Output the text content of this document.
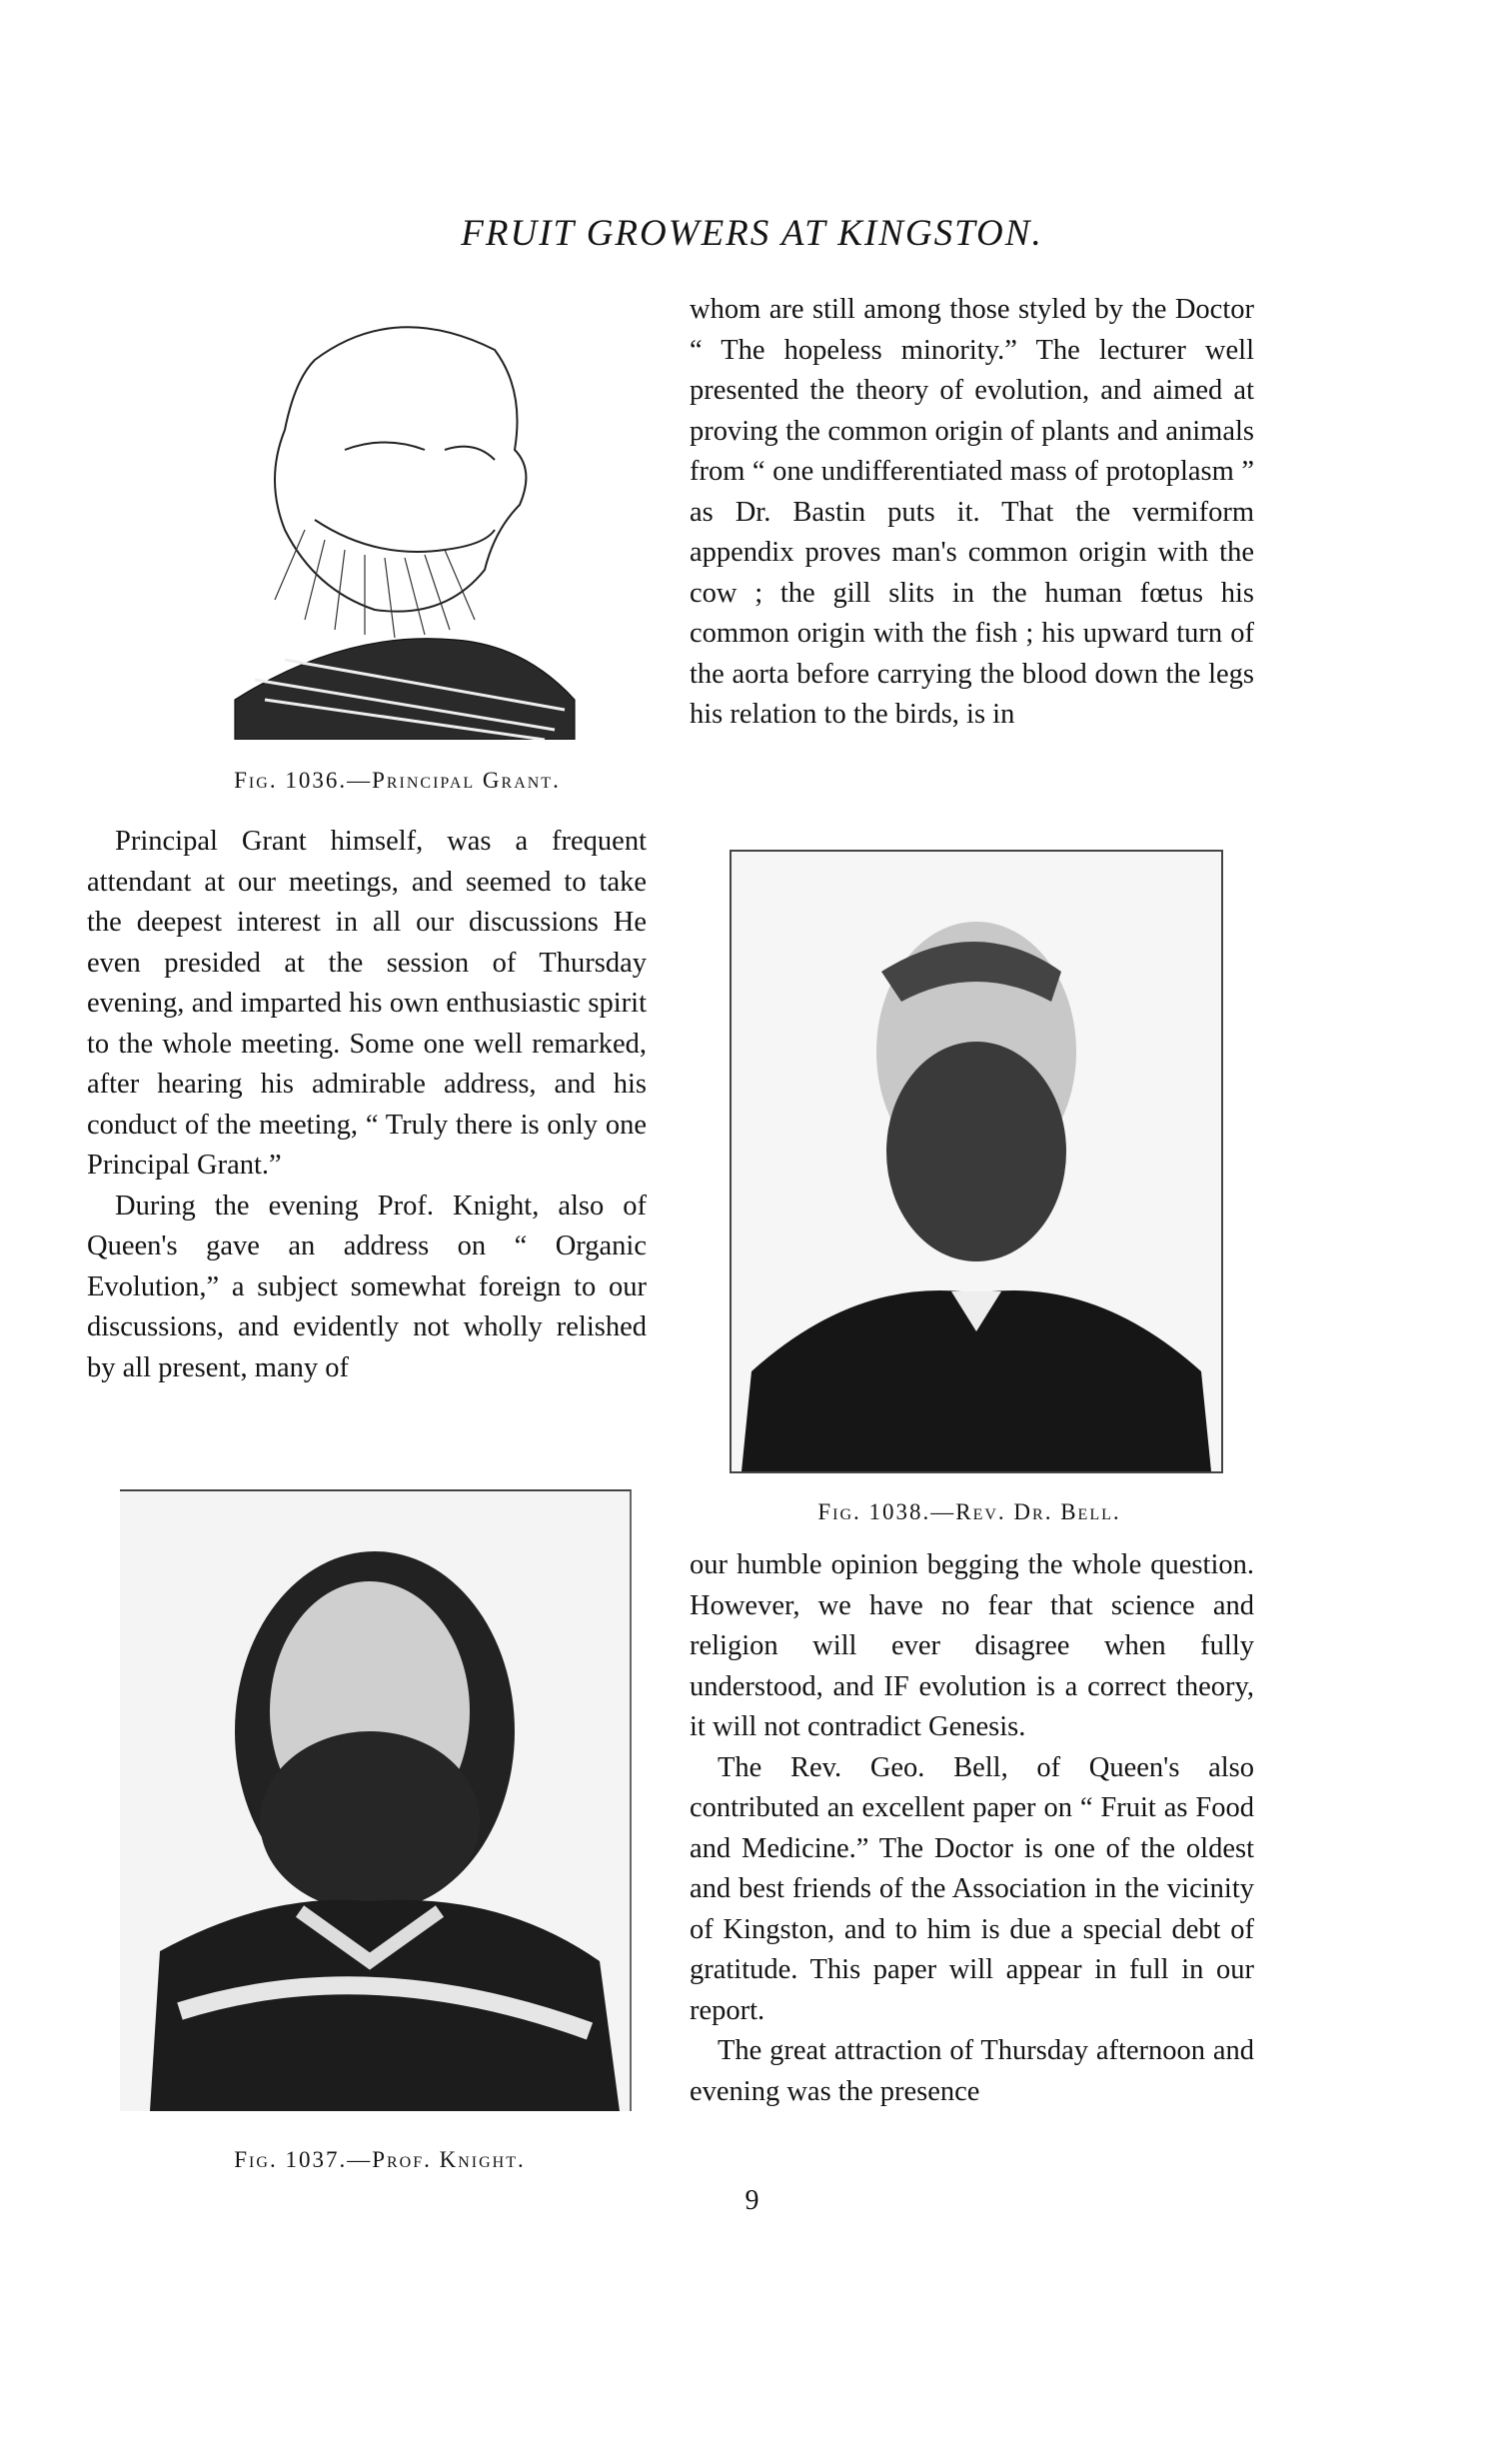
FRUIT GROWERS AT KINGSTON.
Fig. 1036.—Principal Grant.
Fig. 1037.—Prof. Knight.
Fig. 1038.—Rev. Dr. Bell.

Principal Grant himself, was a frequent attendant at our meetings, and seemed to take the deepest interest in all our discussions He even presided at the session of Thursday evening, and imparted his own enthusiastic spirit to the whole meeting. Some one well remarked, after hearing his admirable address, and his conduct of the meeting, “ Truly there is only one Principal Grant.”

During the evening Prof. Knight, also of Queen's gave an address on “ Organic Evolution,” a subject somewhat foreign to our discussions, and evidently not wholly relished by all present, many of

whom are still among those styled by the Doctor “ The hopeless minority.” The lecturer well presented the theory of evolution, and aimed at proving the common origin of plants and animals from “ one undifferentiated mass of protoplasm ” as Dr. Bastin puts it. That the vermiform appendix proves man's common origin with the cow ; the gill slits in the human fœtus his common origin with the fish ; his upward turn of the aorta before carrying the blood down the legs his relation to the birds, is in

our humble opinion begging the whole question. However, we have no fear that science and religion will ever disagree when fully understood, and IF evolution is a correct theory, it will not contradict Genesis.

The Rev. Geo. Bell, of Queen's also contributed an excellent paper on “ Fruit as Food and Medicine.” The Doctor is one of the oldest and best friends of the Association in the vicinity of Kingston, and to him is due a special debt of gratitude. This paper will appear in full in our report.

The great attraction of Thursday afternoon and evening was the presence

9
